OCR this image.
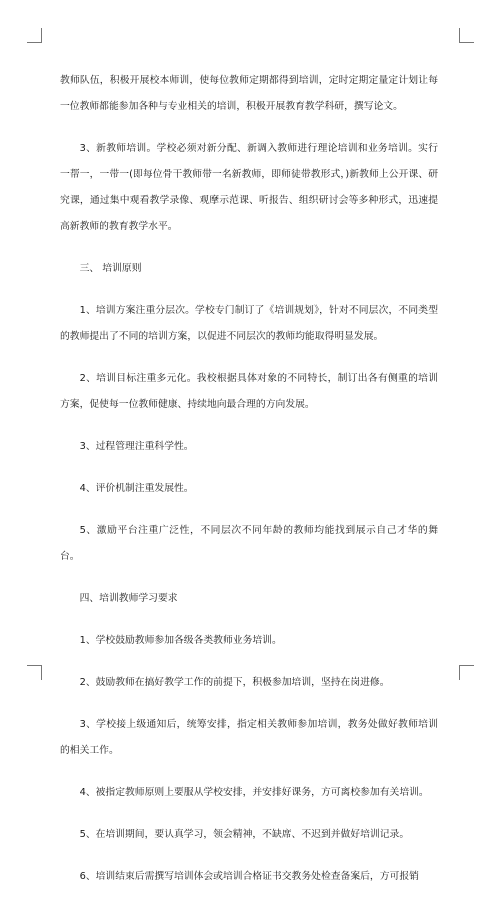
教师队伍，积极开展校本师训，使每位教师定期都得到培训，定时定期定量定计划让每一位教师都能参加各种与专业相关的培训，积极开展教育教学科研，撰写论文。

3、新教师培训。学校必须对新分配、新调入教师进行理论培训和业务培训。实行一帮一，一带一(即每位骨干教师带一名新教师，即师徒带教形式，)新教师上公开课、研究课，通过集中观看教学录像、观摩示范课、听报告、组织研讨会等多种形式，迅速提高新教师的教育教学水平。

三、 培训原则

1、培训方案注重分层次。学校专门制订了《培训规划》，针对不同层次，不同类型的教师提出了不同的培训方案，以促进不同层次的教师均能取得明显发展。

2、培训目标注重多元化。我校根据具体对象的不同特长，制订出各有侧重的培训方案，促使每一位教师健康、持续地向最合理的方向发展。

3、过程管理注重科学性。

4、评价机制注重发展性。

5、激励平台注重广泛性，不同层次不同年龄的教师均能找到展示自己才华的舞台。

四、培训教师学习要求

1、学校鼓励教师参加各级各类教师业务培训。

2、鼓励教师在搞好教学工作的前提下，积极参加培训，坚持在岗进修。

3、学校接上级通知后，统筹安排，指定相关教师参加培训，教务处做好教师培训的相关工作。

4、被指定教师原则上要服从学校安排，并安排好课务，方可离校参加有关培训。

5、在培训期间，要认真学习，领会精神，不缺席、不迟到并做好培训记录。

6、培训结束后需撰写培训体会或培训合格证书交教务处检查备案后，方可报销
